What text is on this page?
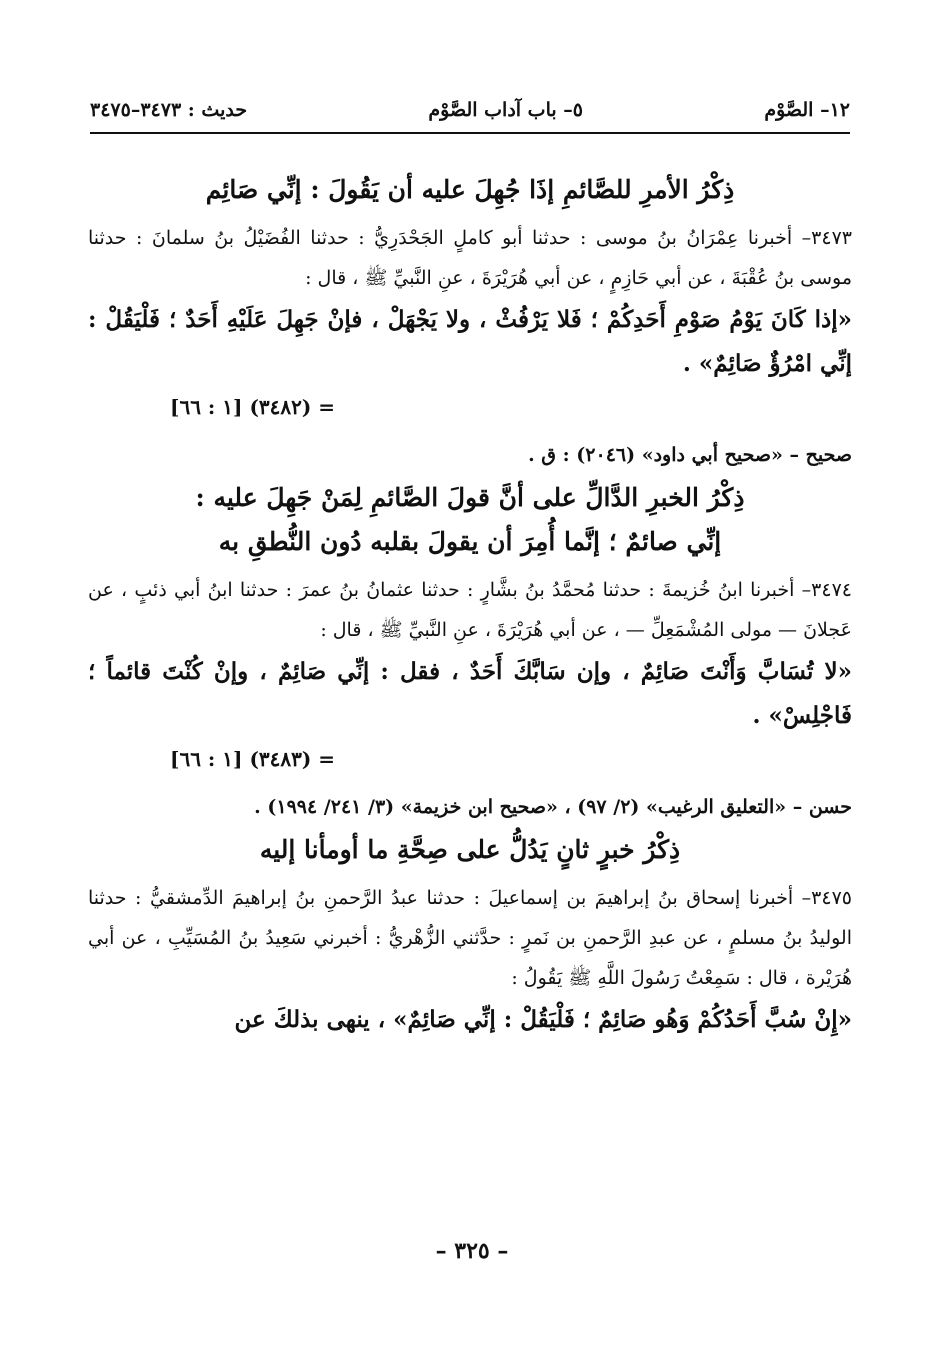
١٢– الصَّوْم
٥– باب آداب الصَّوْم
حديث : ٣٤٧٣–٣٤٧٥

ذِكْرُ الأمرِ للصَّائمِ إذَا جُهِلَ عليه أن يَقُولَ : إنِّي صَائِم

٣٤٧٣– أخبرنا عِمْرَانُ بنُ موسى : حدثنا أبو كاملٍ الجَحْدَرِيُّ : حدثنا الفُضَيْلُ بنُ سلمانَ : حدثنا موسى بنُ عُقْبَةَ ، عن أبي حَازِمٍ ، عن أبي هُرَيْرَةَ ، عنِ النَّبيِّ ﷺ ، قال :

«إذا كَانَ يَوْمُ صَوْمِ أَحَدِكُمْ ؛ فَلا يَرْفُثْ ، ولا يَجْهَلْ ، فإنْ جَهِلَ عَلَيْهِ أَحَدٌ ؛ فَلْيَقُلْ : إنِّي امْرُؤٌ صَائِمٌ» .

= (٣٤٨٢) [١ : ٦٦]

صحيح – «صحيح أبي داود» (٢٠٤٦) : ق .

ذِكْرُ الخبرِ الدَّالِّ على أنَّ قولَ الصَّائمِ لِمَنْ جَهِلَ عليه :

إنِّي صائمٌ ؛ إنَّما أُمِرَ أن يقولَ بقلبه دُون النُّطقِ به

٣٤٧٤– أخبرنا ابنُ خُزيمةَ : حدثنا مُحمَّدُ بنُ بشَّارٍ : حدثنا عثمانُ بنُ عمرَ : حدثنا ابنُ أبي ذئبٍ ، عن عَجلانَ — مولى المُشْمَعِلِّ — ، عن أبي هُرَيْرَةَ ، عنِ النَّبيِّ ﷺ ، قال :

«لا تُسَابَّ وَأَنْتَ صَائِمٌ ، وإن سَابَّكَ أَحَدٌ ، فقل : إنِّي صَائِمٌ ، وإنْ كُنْتَ قائماً ؛ فَاجْلِسْ» .

= (٣٤٨٣) [١ : ٦٦]

حسن – «التعليق الرغيب» (٢/ ٩٧) ، «صحيح ابن خزيمة» (٣/ ٢٤١/ ١٩٩٤) .

ذِكْرُ خبرٍ ثانٍ يَدُلُّ على صِحَّةِ ما أومأنا إليه

٣٤٧٥– أخبرنا إسحاق بنُ إبراهيمَ بن إسماعيلَ : حدثنا عبدُ الرَّحمنِ بنُ إبراهيمَ الدِّمشقيُّ : حدثنا الوليدُ بنُ مسلمٍ ، عن عبدِ الرَّحمنِ بن نَمرٍ : حدَّثني الزُّهْريُّ : أخبرني سَعِيدُ بنُ المُسَيِّبِ ، عن أبي هُرَيْرة ، قال : سَمِعْتُ رَسُولَ اللَّهِ ﷺ يَقُولُ :

«إِنْ سُبَّ أَحَدُكُمْ وَهُو صَائِمٌ ؛ فَلْيَقُلْ : إنِّي صَائِمٌ» ، ينهى بذلكَ عن

– ٣٢٥ –
